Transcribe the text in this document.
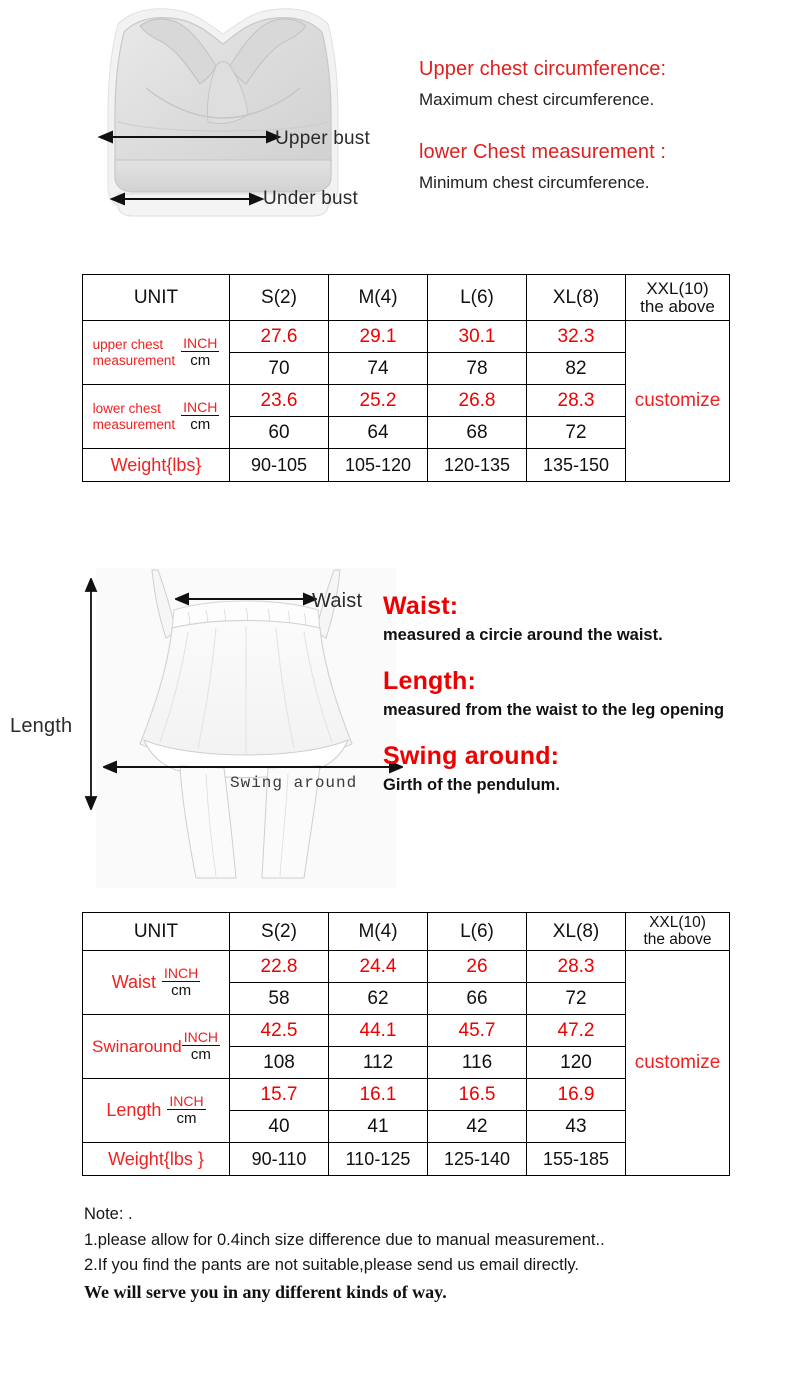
Upper bust
Under bust
Upper chest circumference:
Maximum chest circumference.
lower Chest measurement :
Minimum chest circumference.
UNIT	S(2)	M(4)	L(6)	XL(8)	XXL(10)
the above

upper chest
measurement
INCH
cm	27.6	29.1	30.1	32.3	customize
	70	74	78	82	

lower chest
measurement
INCH
cm	23.6	25.2	26.8	28.3	
	60	64	68	72	
Weight{lbs}	90-105	105-120	120-135	135-150	
Waist
Length
Swing around
Waist:
measured a circie around the waist.
Length:
measured from the waist to the leg opening
Swing around:
Girth of the pendulum.
UNIT	S(2)	M(4)	L(6)	XL(8)	XXL(10)
the above

Waist INCH
cm	22.8	24.4	26	28.3	customize
	58	62	66	72	

Swinaround INCH
cm	42.5	44.1	45.7	47.2	
	108	112	116	120	

Length INCH
cm	15.7	16.1	16.5	16.9	
	40	41	42	43	
Weight{lbs }	90-110	110-125	125-140	155-185	
Note: .
1.please allow for 0.4inch size difference due to manual measurement..
2.If you find the pants are not suitable,please send us email directly.
We will serve you in any different kinds of way.
